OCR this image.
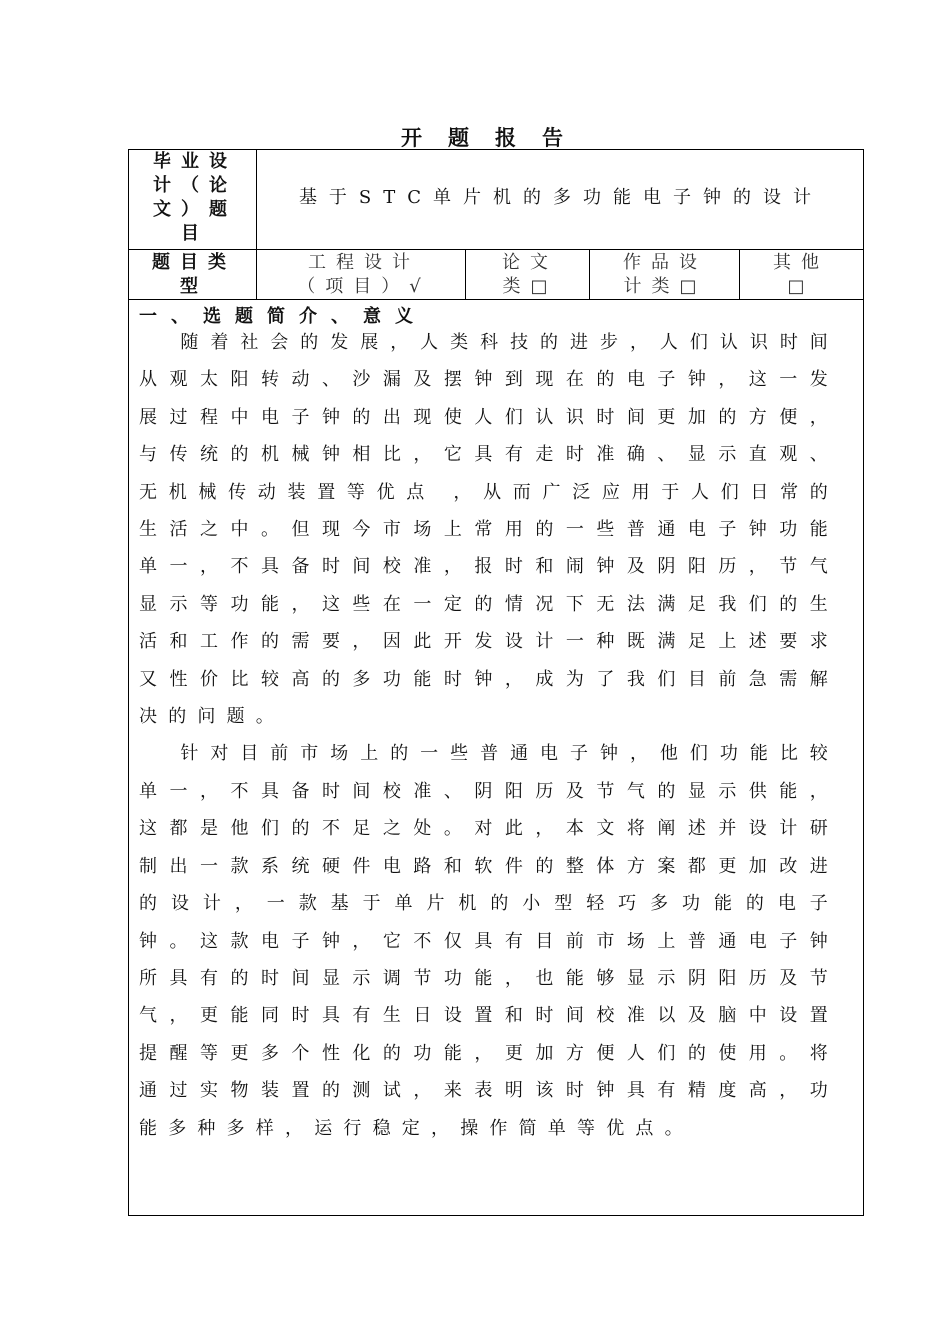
开题报告
毕业设计（论文）题目
基于STC单片机的多功能电子钟的设计
题目类型
工程设计（项目）√
论文类□
作品设计类□
其他□
一、选题简介、意义

随着社会的发展，人类科技的进步，人们认识时间从观太阳转动、沙漏及摆钟到现在的电子钟，这一发展过程中电子钟的出现使人们认识时间更加的方便，与传统的机械钟相比，它具有走时准确、显示直观、无机械传动装置等优点 ，从而广泛应用于人们日常的生活之中。但现今市场上常用的一些普通电子钟功能单一，不具备时间校准，报时和闹钟及阴阳历，节气显示等功能，这些在一定的情况下无法满足我们的生活和工作的需要，因此开发设计一种既满足上述要求又性价比较高的多功能时钟，成为了我们目前急需解决的问题。

针对目前市场上的一些普通电子钟，他们功能比较单一，不具备时间校准、阴阳历及节气的显示供能，这都是他们的不足之处。对此，本文将阐述并设计研制出一款系统硬件电路和软件的整体方案都更加改进的设计，一款基于单片机的小型轻巧多功能的电子钟。这款电子钟，它不仅具有目前市场上普通电子钟所具有的时间显示调节功能，也能够显示阴阳历及节气，更能同时具有生日设置和时间校准以及脑中设置提醒等更多个性化的功能，更加方便人们的使用。将通过实物装置的测试，来表明该时钟具有精度高，功能多种多样，运行稳定，操作简单等优点。
